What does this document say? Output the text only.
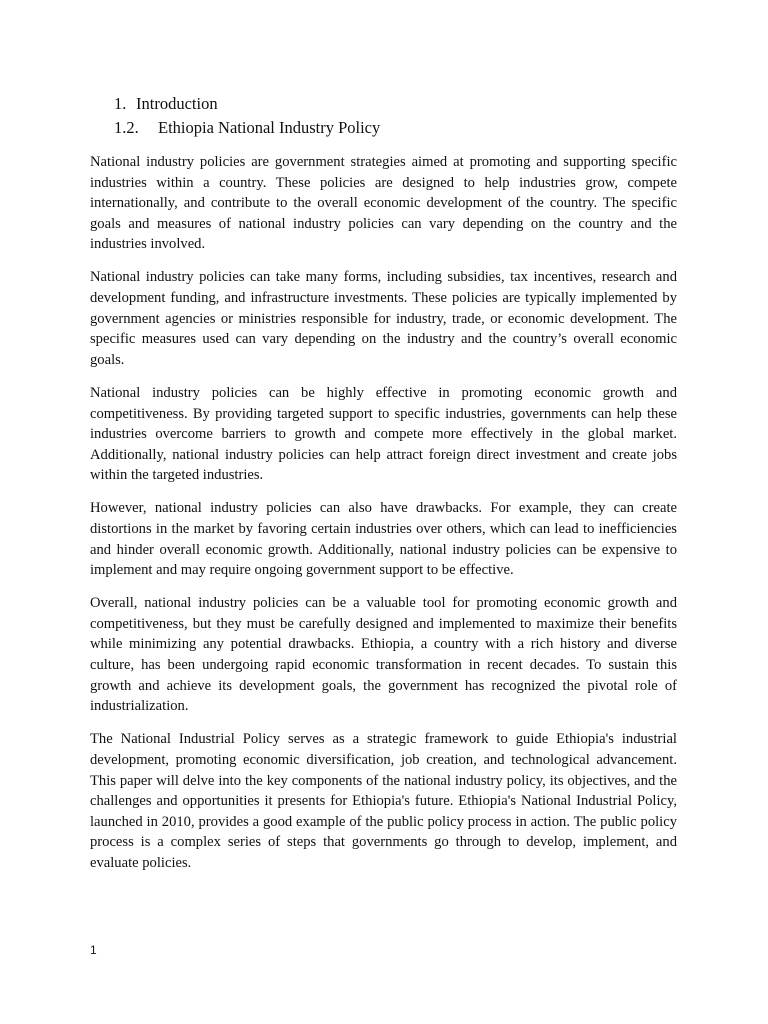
1. Introduction
1.2. Ethiopia National Industry Policy

National industry policies are government strategies aimed at promoting and supporting specific industries within a country. These policies are designed to help industries grow, compete internationally, and contribute to the overall economic development of the country. The specific goals and measures of national industry policies can vary depending on the country and the industries involved.

National industry policies can take many forms, including subsidies, tax incentives, research and development funding, and infrastructure investments. These policies are typically implemented by government agencies or ministries responsible for industry, trade, or economic development. The specific measures used can vary depending on the industry and the country’s overall economic goals.

National industry policies can be highly effective in promoting economic growth and competitiveness. By providing targeted support to specific industries, governments can help these industries overcome barriers to growth and compete more effectively in the global market. Additionally, national industry policies can help attract foreign direct investment and create jobs within the targeted industries.

However, national industry policies can also have drawbacks. For example, they can create distortions in the market by favoring certain industries over others, which can lead to inefficiencies and hinder overall economic growth. Additionally, national industry policies can be expensive to implement and may require ongoing government support to be effective.

Overall, national industry policies can be a valuable tool for promoting economic growth and competitiveness, but they must be carefully designed and implemented to maximize their benefits while minimizing any potential drawbacks. Ethiopia, a country with a rich history and diverse culture, has been undergoing rapid economic transformation in recent decades. To sustain this growth and achieve its development goals, the government has recognized the pivotal role of industrialization.

The National Industrial Policy serves as a strategic framework to guide Ethiopia's industrial development, promoting economic diversification, job creation, and technological advancement. This paper will delve into the key components of the national industry policy, its objectives, and the challenges and opportunities it presents for Ethiopia's future. Ethiopia's National Industrial Policy, launched in 2010, provides a good example of the public policy process in action. The public policy process is a complex series of steps that governments go through to develop, implement, and evaluate policies.

1
